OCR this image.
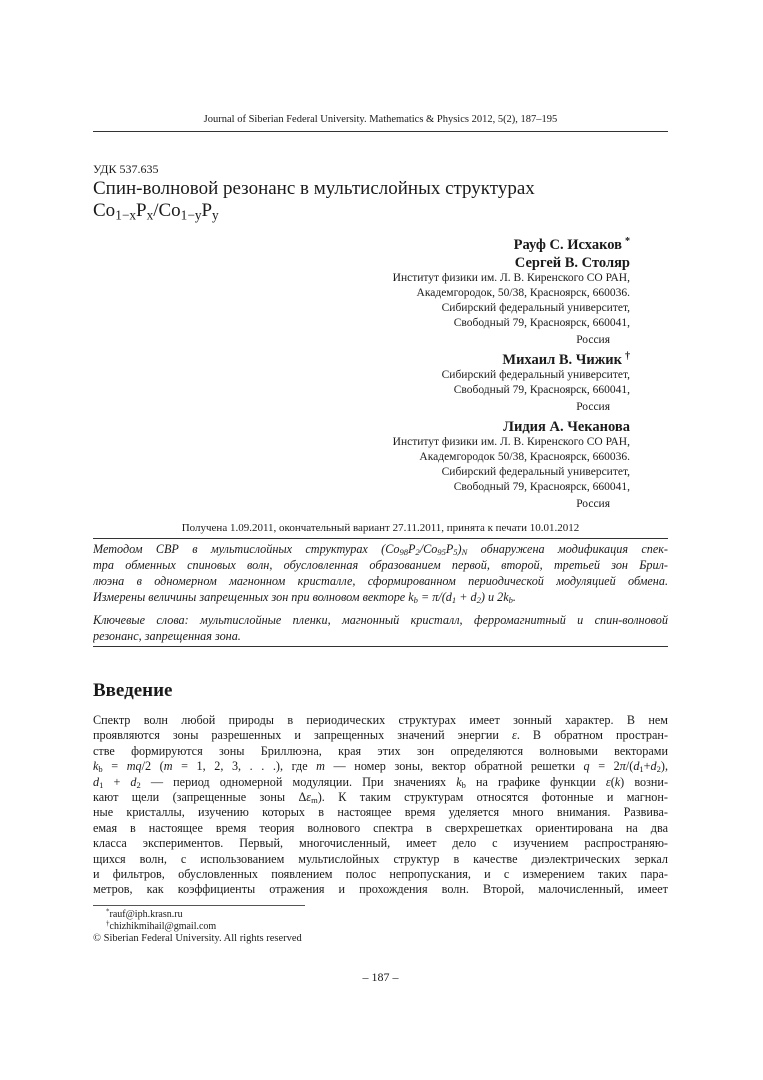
Journal of Siberian Federal University. Mathematics & Physics 2012, 5(2), 187–195
УДК 537.635
Спин-волновой резонанс в мультислойных структурах
$Co_{1-x}P_x/Co_{1-y}P_y$
Рауф С. Исхаков *
Сергей В. Столяр
Институт физики им. Л. В. Киренского СО РАН,
Академгородок, 50/38, Красноярск, 660036.
Сибирский федеральный университет,
Свободный 79, Красноярск, 660041,
Россия
Михаил В. Чижик †
Сибирский федеральный университет,
Свободный 79, Красноярск, 660041,
Россия
Лидия А. Чеканова
Институт физики им. Л. В. Киренского СО РАН,
Академгородок 50/38, Красноярск, 660036.
Сибирский федеральный университет,
Свободный 79, Красноярск, 660041,
Россия
Получена 1.09.2011, окончательный вариант 27.11.2011, принята к печати 10.01.2012
Методом СВР в мультислойных структурах $(Co_{98}P_2/Co_{95}P_5)_N$ обнаружена модификация спек-
тра обменных спиновых волн, обусловленная образованием первой, второй, третьей зон Брил-
люэна в одномерном магнонном кристалле, сформированном периодической модуляцией обмена.
Измерены величины запрещенных зон при волновом векторе $k_b = \pi/(d_1 + d_2)$ и $2k_b$.
Ключевые слова: мультислойные пленки, магнонный кристалл, ферромагнитный и спин-волновой
резонанс, запрещенная зона.
Введение
Спектр волн любой природы в периодических структурах имеет зонный характер. В нем
проявляются зоны разрешенных и запрещенных значений энергии ε. В обратном простран-
стве формируются зоны Бриллюэна, края этих зон определяются волновыми векторами
$k_b = mq/2$ (m = 1, 2, 3, . . .), где m — номер зоны, вектор обратной решетки $q = 2\pi/(d_1+d_2)$,
$d_1 + d_2$ — период одномерной модуляции. При значениях $k_b$ на графике функции ε(k) возни-
кают щели (запрещенные зоны $\Delta\varepsilon_m$). К таким структурам относятся фотонные и магнон-
ные кристаллы, изучению которых в настоящее время уделяется много внимания. Развива-
емая в настоящее время теория волнового спектра в сверхрешетках ориентирована на два
класса экспериментов. Первый, многочисленный, имеет дело с изучением распространяю-
щихся волн, с использованием мультислойных структур в качестве диэлектрических зеркал
и фильтров, обусловленных появлением полос непропускания, и с измерением таких пара-
метров, как коэффициенты отражения и прохождения волн. Второй, малочисленный, имеет
*rauf@iph.krasn.ru
†chizhikmihail@gmail.com
© Siberian Federal University. All rights reserved
– 187 –
